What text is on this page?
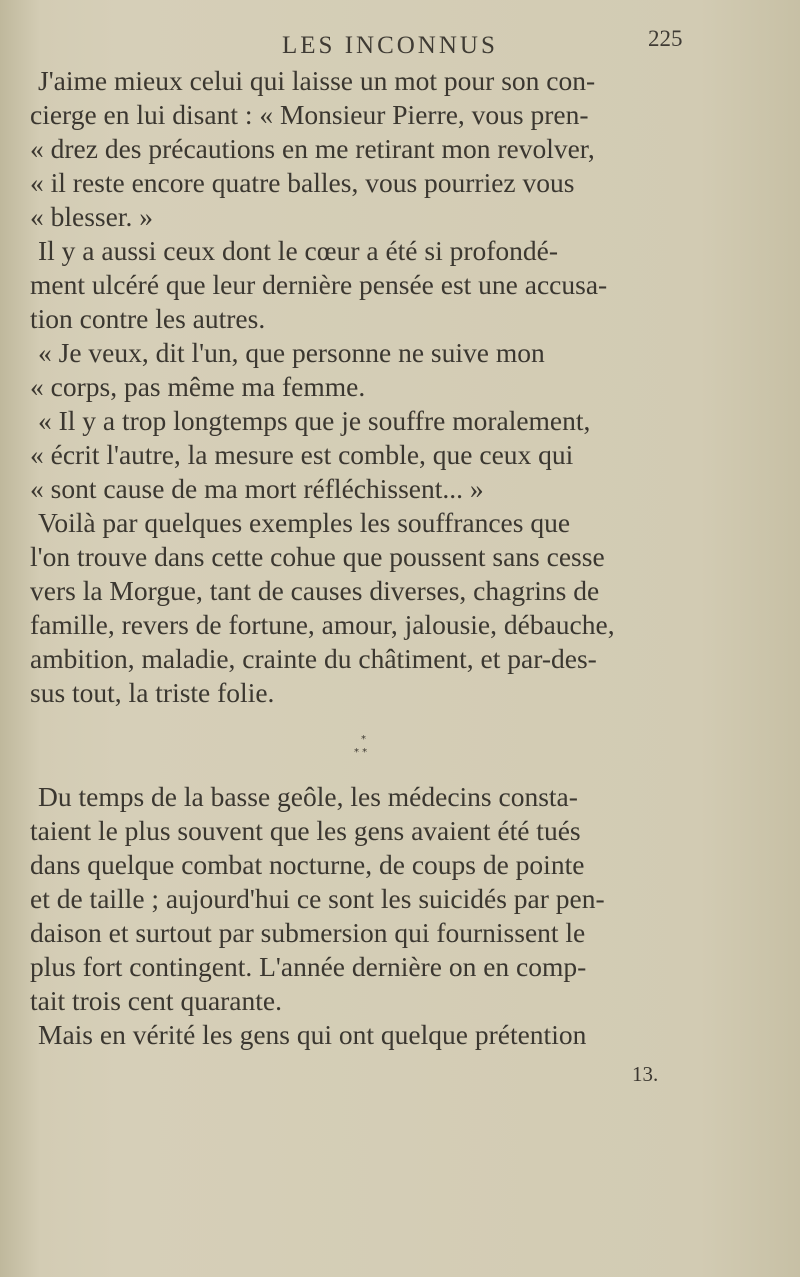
LES INCONNUS	225
J'aime mieux celui qui laisse un mot pour son con-
cierge en lui disant : « Monsieur Pierre, vous pren-
« drez des précautions en me retirant mon revolver,
« il reste encore quatre balles, vous pourriez vous
« blesser. »
Il y a aussi ceux dont le cœur a été si profondé-
ment ulcéré que leur dernière pensée est une accusa-
tion contre les autres.
« Je veux, dit l'un, que personne ne suive mon
« corps, pas même ma femme.
« Il y a trop longtemps que je souffre moralement,
« écrit l'autre, la mesure est comble, que ceux qui
« sont cause de ma mort réfléchissent... »
Voilà par quelques exemples les souffrances que
l'on trouve dans cette cohue que poussent sans cesse
vers la Morgue, tant de causes diverses, chagrins de
famille, revers de fortune, amour, jalousie, débauche,
ambition, maladie, crainte du châtiment, et par-des-
sus tout, la triste folie.
*
* *
Du temps de la basse geôle, les médecins consta-
taient le plus souvent que les gens avaient été tués
dans quelque combat nocturne, de coups de pointe
et de taille ; aujourd'hui ce sont les suicidés par pen-
daison et surtout par submersion qui fournissent le
plus fort contingent. L'année dernière on en comp-
tait trois cent quarante.
Mais en vérité les gens qui ont quelque prétention
13.
